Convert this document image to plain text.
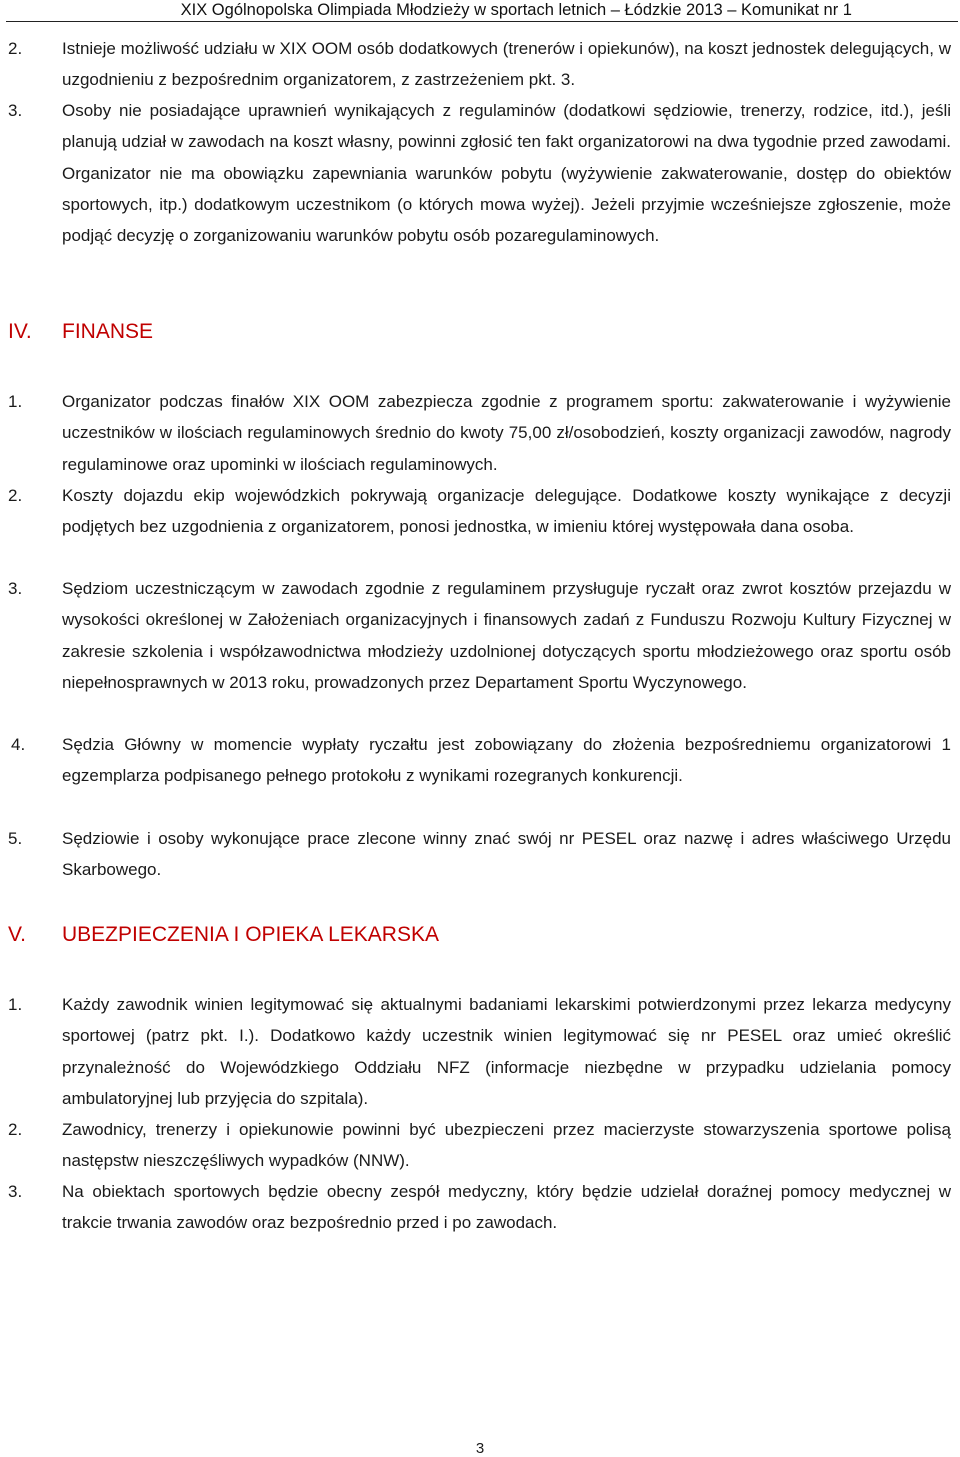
XIX Ogólnopolska Olimpiada Młodzieży w sportach letnich – Łódzkie 2013 – Komunikat nr 1
2. Istnieje możliwość udziału w XIX OOM osób dodatkowych (trenerów i opiekunów), na koszt jednostek delegujących, w uzgodnieniu z bezpośrednim organizatorem, z zastrzeżeniem pkt. 3.
3. Osoby nie posiadające uprawnień wynikających z regulaminów (dodatkowi sędziowie, trenerzy, rodzice, itd.), jeśli planują udział w zawodach na koszt własny, powinni zgłosić ten fakt organizatorowi na dwa tygodnie przed zawodami. Organizator nie ma obowiązku zapewniania warunków pobytu (wyżywienie zakwaterowanie, dostęp do obiektów sportowych, itp.) dodatkowym uczestnikom (o których mowa wyżej). Jeżeli przyjmie wcześniejsze zgłoszenie, może podjąć decyzję o zorganizowaniu warunków pobytu osób pozaregulaminowych.
IV. FINANSE
1. Organizator podczas finałów XIX OOM zabezpiecza zgodnie z programem sportu: zakwaterowanie i wyżywienie uczestników w ilościach regulaminowych średnio do kwoty 75,00 zł/osobodzień, koszty organizacji zawodów, nagrody regulaminowe oraz upominki w ilościach regulaminowych.
2. Koszty dojazdu ekip wojewódzkich pokrywają organizacje delegujące. Dodatkowe koszty wynikające z decyzji podjętych bez uzgodnienia z organizatorem, ponosi jednostka, w imieniu której występowała dana osoba.
3. Sędziom uczestniczącym w zawodach zgodnie z regulaminem przysługuje ryczałt oraz zwrot kosztów przejazdu w wysokości określonej w Założeniach organizacyjnych i finansowych zadań z Funduszu Rozwoju Kultury Fizycznej w zakresie szkolenia i współzawodnictwa młodzieży uzdolnionej dotyczących sportu młodzieżowego oraz sportu osób niepełnosprawnych w 2013 roku, prowadzonych przez Departament Sportu Wyczynowego.
4. Sędzia Główny w momencie wypłaty ryczałtu jest zobowiązany do złożenia bezpośredniemu organizatorowi 1 egzemplarza podpisanego pełnego protokołu z wynikami rozegranych konkurencji.
5. Sędziowie i osoby wykonujące prace zlecone winny znać swój nr PESEL oraz nazwę i adres właściwego Urzędu Skarbowego.
V. UBEZPIECZENIA I OPIEKA LEKARSKA
1. Każdy zawodnik winien legitymować się aktualnymi badaniami lekarskimi potwierdzonymi przez lekarza medycyny sportowej (patrz pkt. I.). Dodatkowo każdy uczestnik winien legitymować się nr PESEL oraz umieć określić przynależność do Wojewódzkiego Oddziału NFZ (informacje niezbędne w przypadku udzielania pomocy ambulatoryjnej lub przyjęcia do szpitala).
2. Zawodnicy, trenerzy i opiekunowie powinni być ubezpieczeni przez macierzyste stowarzyszenia sportowe polisą następstw nieszczęśliwych wypadków (NNW).
3. Na obiektach sportowych będzie obecny zespół medyczny, który będzie udzielał doraźnej pomocy medycznej w trakcie trwania zawodów oraz bezpośrednio przed i po zawodach.
3
